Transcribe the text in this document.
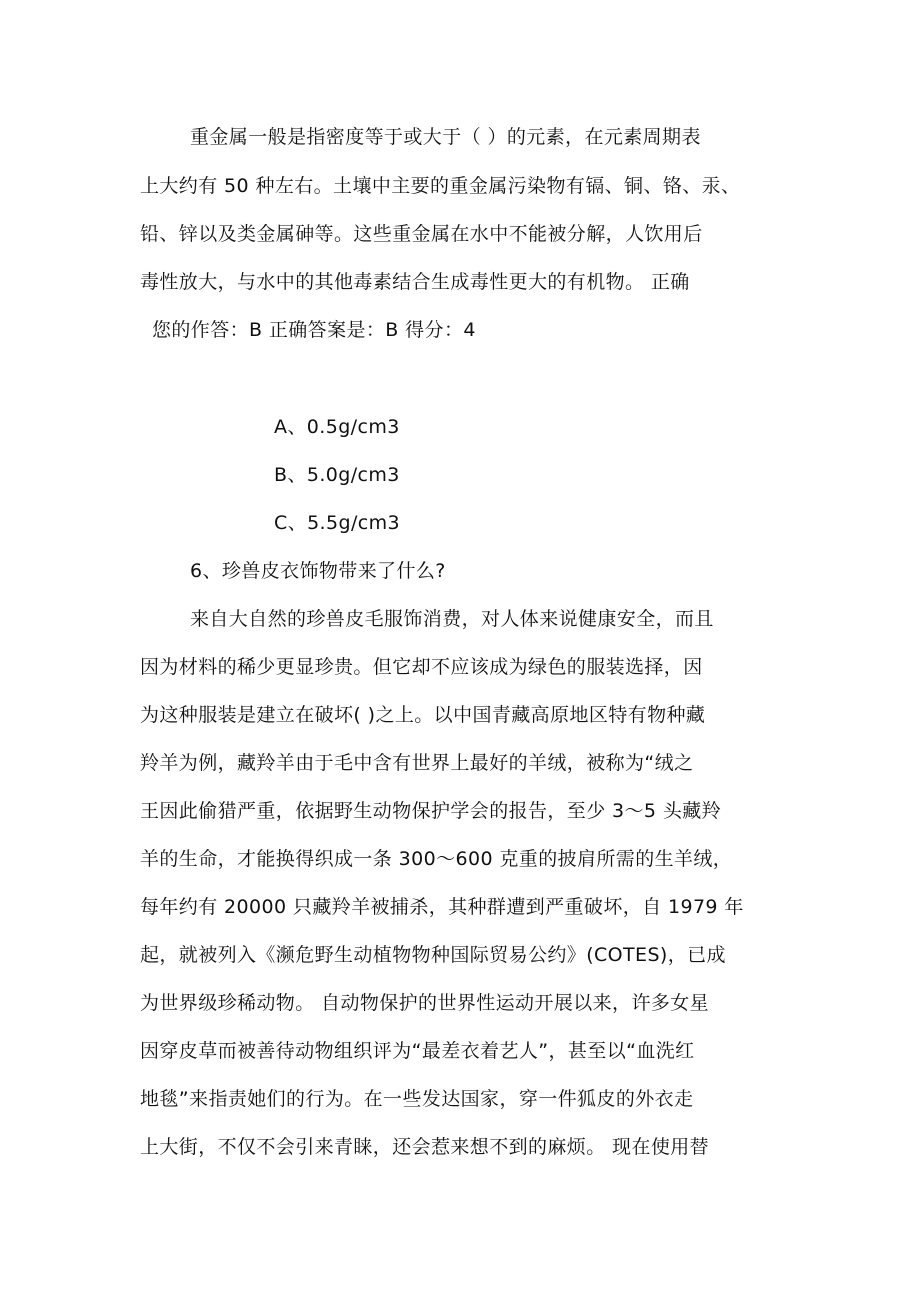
重金属一般是指密度等于或大于（ ）的元素，在元素周期表
上大约有 50 种左右。土壤中主要的重金属污染物有镉、铜、铬、汞、
铅、锌以及类金属砷等。这些重金属在水中不能被分解，人饮用后
毒性放大，与水中的其他毒素结合生成毒性更大的有机物。 正确
您的作答：B 正确答案是：B 得分：4
A、0.5g/cm3
B、5.0g/cm3
C、5.5g/cm3
6、珍兽皮衣饰物带来了什么?
来自大自然的珍兽皮毛服饰消费，对人体来说健康安全，而且
因为材料的稀少更显珍贵。但它却不应该成为绿色的服装选择，因
为这种服装是建立在破坏( )之上。以中国青藏高原地区特有物种藏
羚羊为例，藏羚羊由于毛中含有世界上最好的羊绒，被称为“绒之
王因此偷猎严重，依据野生动物保护学会的报告，至少 3～5 头藏羚
羊的生命，才能换得织成一条 300～600 克重的披肩所需的生羊绒，
每年约有 20000 只藏羚羊被捕杀，其种群遭到严重破坏，自 1979 年
起，就被列入《濒危野生动植物物种国际贸易公约》(COTES)，已成
为世界级珍稀动物。 自动物保护的世界性运动开展以来，许多女星
因穿皮草而被善待动物组织评为“最差衣着艺人”，甚至以“血洗红
地毯”来指责她们的行为。在一些发达国家，穿一件狐皮的外衣走
上大街，不仅不会引来青睐，还会惹来想不到的麻烦。 现在使用替
